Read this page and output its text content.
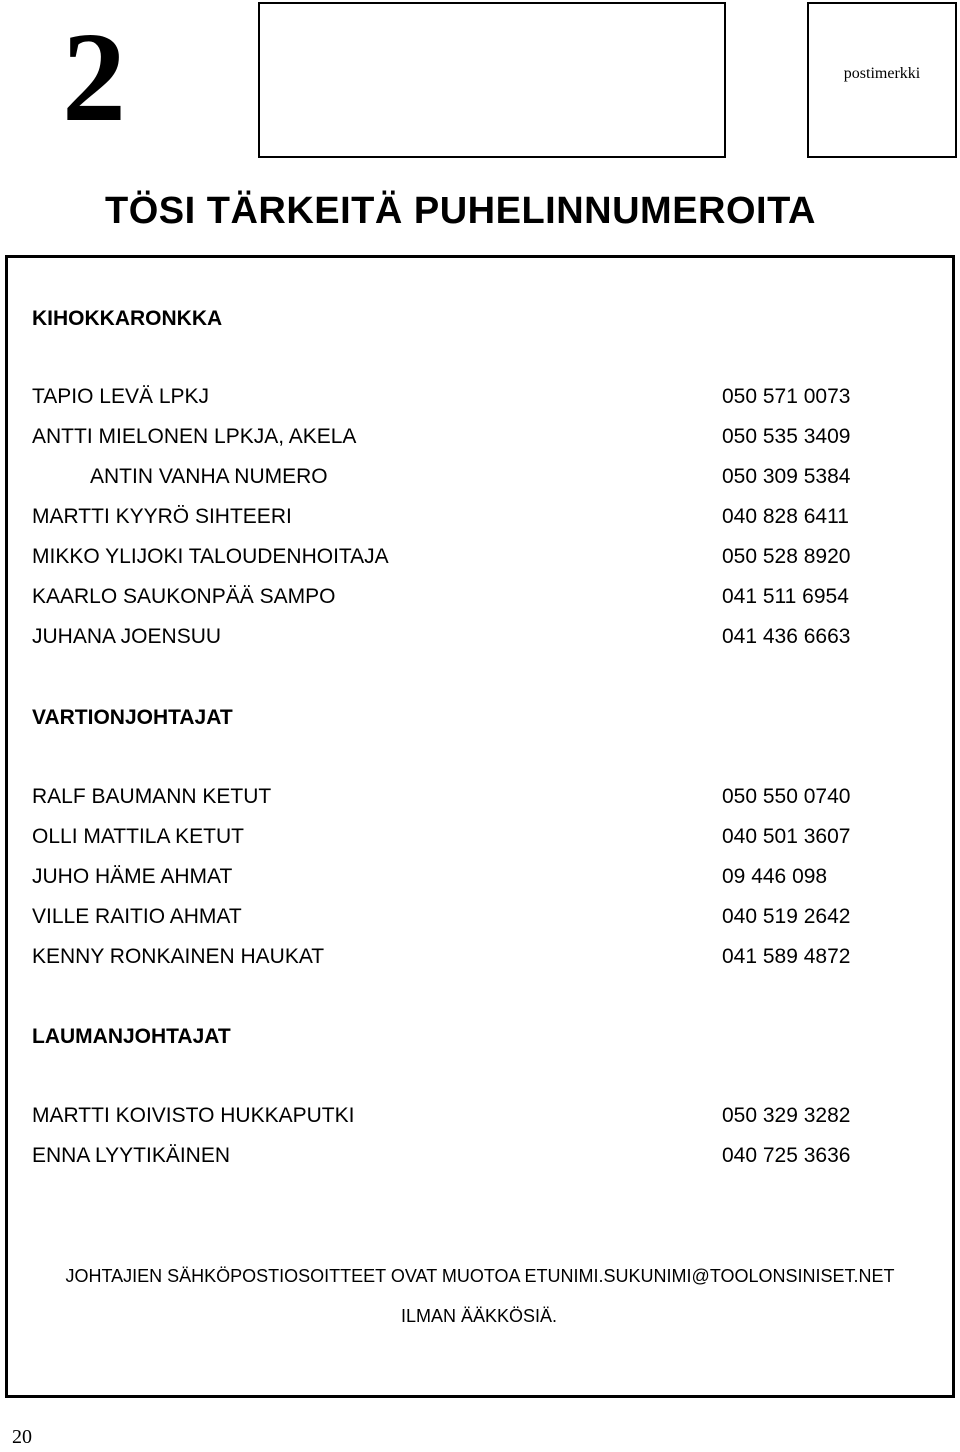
2	postimerkki
TÖSI TÄRKEITÄ PUHELINNUMEROITA
KIHOKKARONKKA
TAPIO LEVÄ LPKJ	050 571 0073
ANTTI MIELONEN LPKJA, AKELA	050 535 3409
ANTIN VANHA NUMERO	050 309 5384
MARTTI KYYRÖ SIHTEERI	040 828 6411
MIKKO YLIJOKI TALOUDENHOITAJA	050 528 8920
KAARLO SAUKONPÄÄ SAMPO	041 511 6954
JUHANA JOENSUU	041 436 6663
VARTIONJOHTAJAT
RALF BAUMANN KETUT	050 550 0740
OLLI MATTILA KETUT	040 501 3607
JUHO HÄME AHMAT	09 446 098
VILLE RAITIO AHMAT	040 519 2642
KENNY RONKAINEN HAUKAT	041 589 4872
LAUMANJOHTAJAT
MARTTI KOIVISTO HUKKAPUTKI	050 329 3282
ENNA LYYTIKÄINEN	040 725 3636
JOHTAJIEN SÄHKÖPOSTIOSOITTEET OVAT MUOTOA ETUNIMI.SUKUNIMI@TOOLONSINISET.NET
ILMAN ÄÄKKÖSIÄ.
20
